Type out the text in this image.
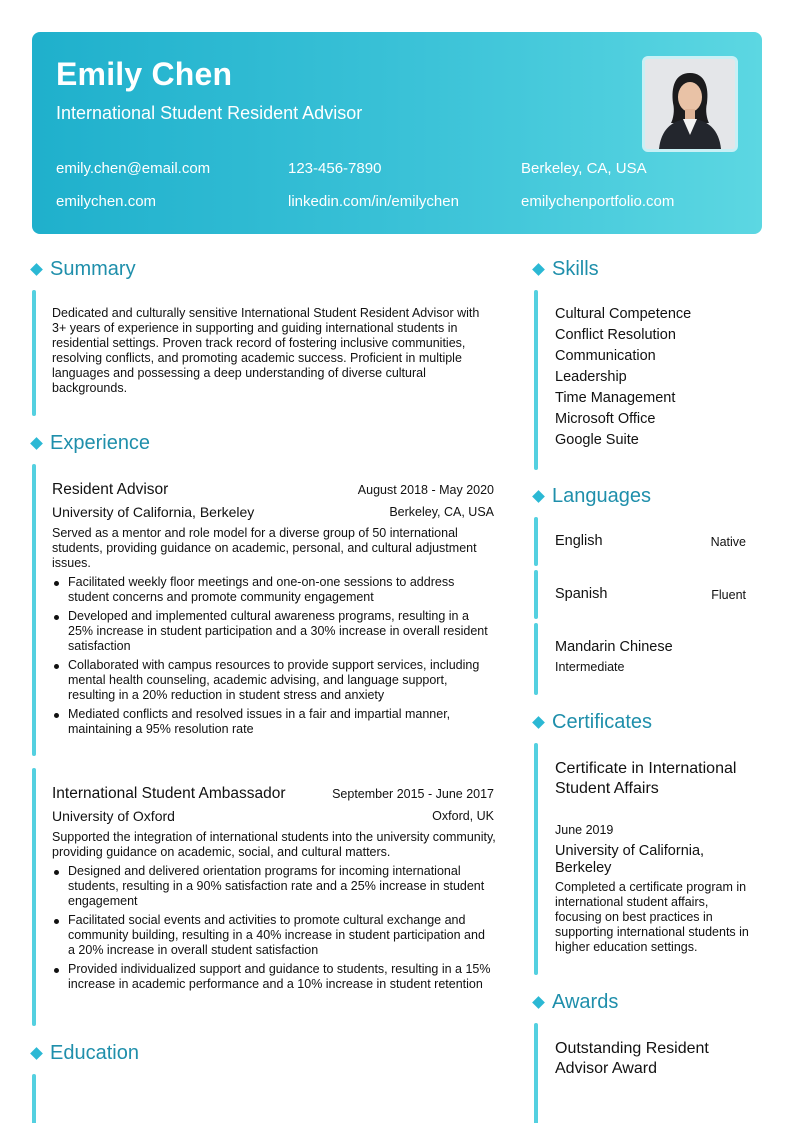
Emily Chen
International Student Resident Advisor
emily.chen@email.com	123-456-7890	Berkeley, CA, USA
emilychen.com	linkedin.com/in/emilychen	emilychenportfolio.com
Summary
Dedicated and culturally sensitive International Student Resident Advisor with 3+ years of experience in supporting and guiding international students in residential settings. Proven track record of fostering inclusive communities, resolving conflicts, and promoting academic success. Proficient in multiple languages and possessing a deep understanding of diverse cultural backgrounds.
Experience
Resident Advisor	August 2018 - May 2020
University of California, Berkeley	Berkeley, CA, USA
Served as a mentor and role model for a diverse group of 50 international students, providing guidance on academic, personal, and cultural adjustment issues.
Facilitated weekly floor meetings and one-on-one sessions to address student concerns and promote community engagement
Developed and implemented cultural awareness programs, resulting in a 25% increase in student participation and a 30% increase in overall resident satisfaction
Collaborated with campus resources to provide support services, including mental health counseling, academic advising, and language support, resulting in a 20% reduction in student stress and anxiety
Mediated conflicts and resolved issues in a fair and impartial manner, maintaining a 95% resolution rate
International Student Ambassador	September 2015 - June 2017
University of Oxford	Oxford, UK
Supported the integration of international students into the university community, providing guidance on academic, social, and cultural matters.
Designed and delivered orientation programs for incoming international students, resulting in a 90% satisfaction rate and a 25% increase in student engagement
Facilitated social events and activities to promote cultural exchange and community building, resulting in a 40% increase in student participation and a 20% increase in overall student satisfaction
Provided individualized support and guidance to students, resulting in a 15% increase in academic performance and a 10% increase in student retention
Education
Skills
Cultural Competence
Conflict Resolution
Communication
Leadership
Time Management
Microsoft Office
Google Suite
Languages
English	Native
Spanish	Fluent
Mandarin Chinese
Intermediate
Certificates
Certificate in International Student Affairs
June 2019
University of California, Berkeley
Completed a certificate program in international student affairs, focusing on best practices in supporting international students in higher education settings.
Awards
Outstanding Resident Advisor Award
